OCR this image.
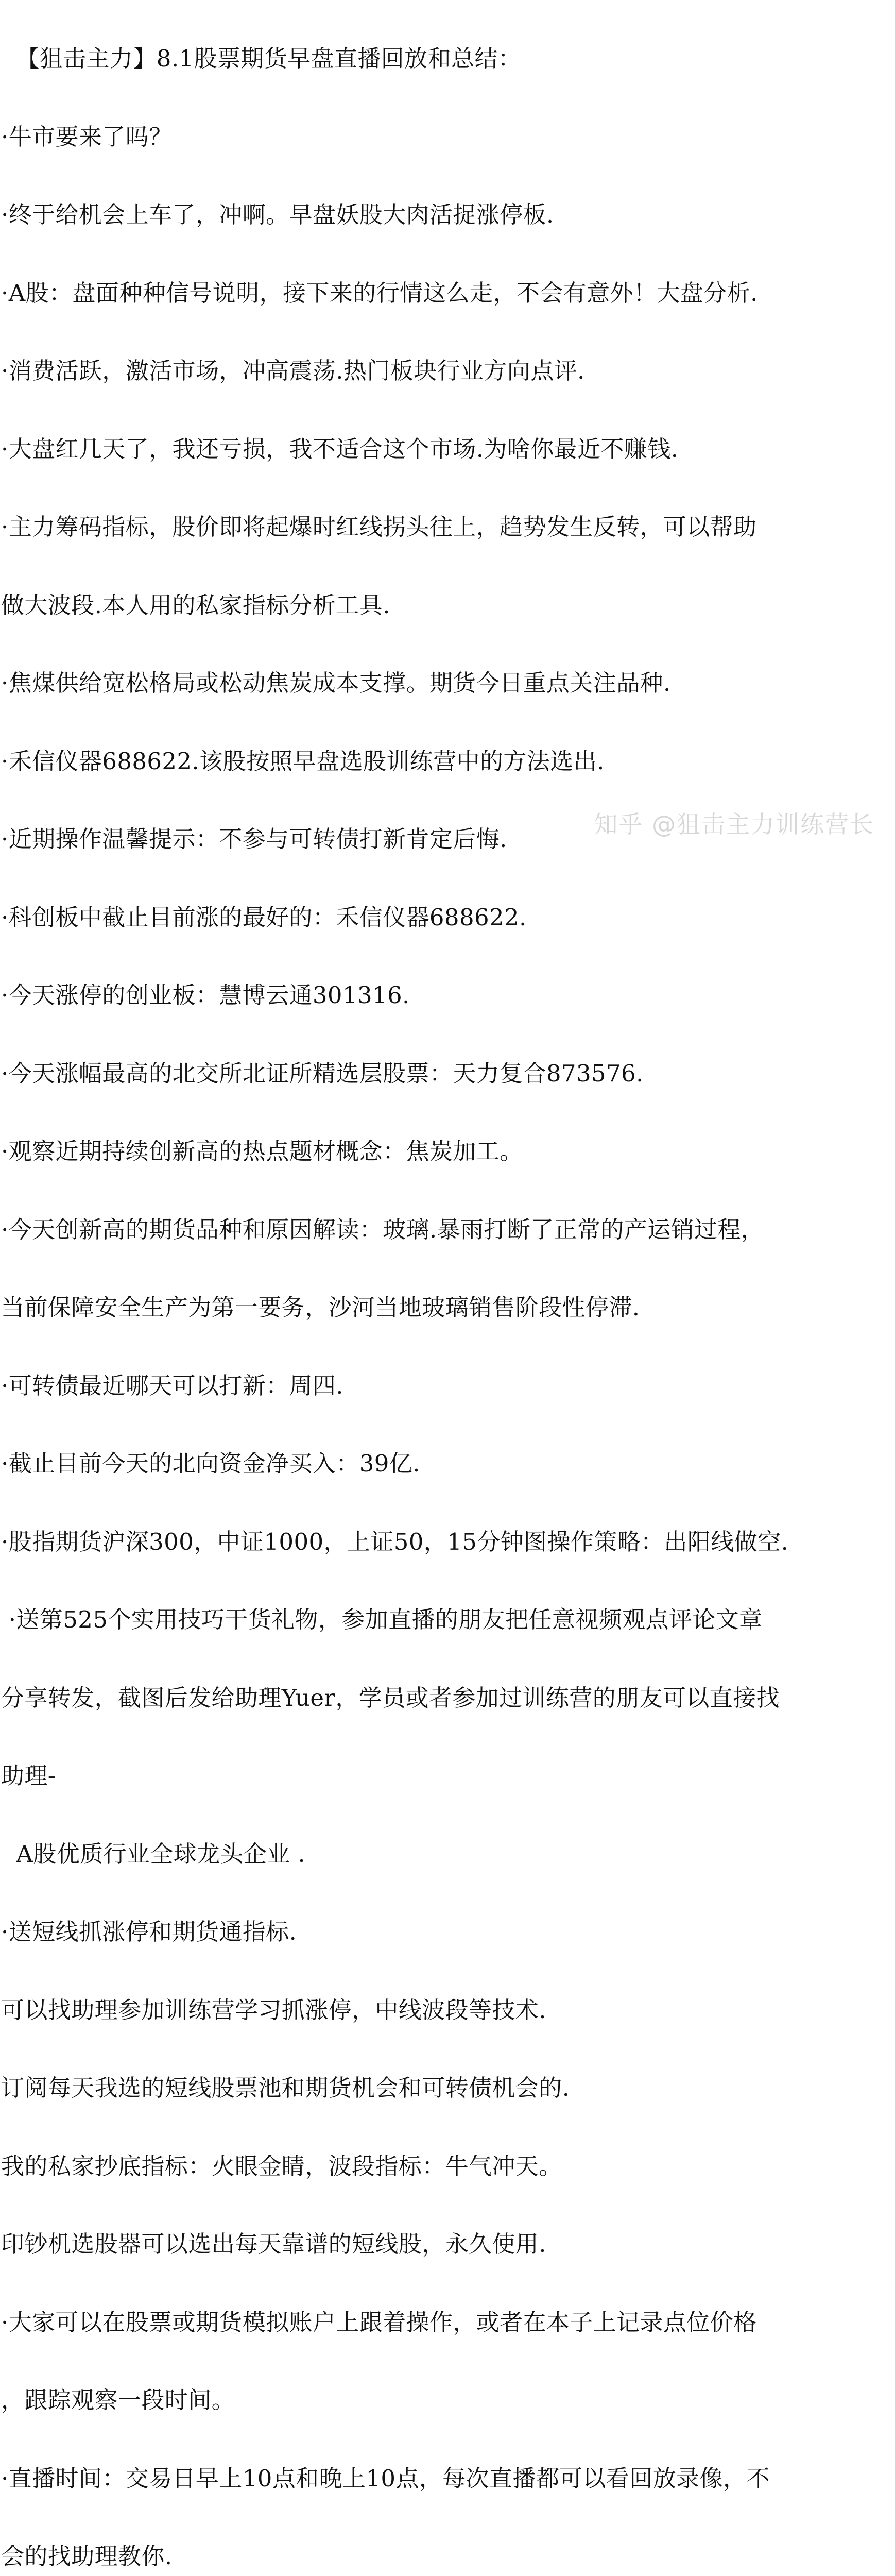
【狙击主力】8.1股票期货早盘直播回放和总结：

·牛市要来了吗？

·终于给机会上车了，冲啊。早盘妖股大肉活捉涨停板.

·A股：盘面种种信号说明，接下来的行情这么走，不会有意外！大盘分析.

·消费活跃，激活市场，冲高震荡.热门板块行业方向点评.

·大盘红几天了，我还亏损，我不适合这个市场.为啥你最近不赚钱.

·主力筹码指标，股价即将起爆时红线拐头往上，趋势发生反转，可以帮助

做大波段.本人用的私家指标分析工具.

·焦煤供给宽松格局或松动焦炭成本支撑。期货今日重点关注品种.

·禾信仪器688622.该股按照早盘选股训练营中的方法选出.

·近期操作温馨提示：不参与可转债打新肯定后悔.

·科创板中截止目前涨的最好的：禾信仪器688622.

·今天涨停的创业板：慧博云通301316.

·今天涨幅最高的北交所北证所精选层股票：天力复合873576.

·观察近期持续创新高的热点题材概念：焦炭加工。

·今天创新高的期货品种和原因解读：玻璃.暴雨打断了正常的产运销过程，

当前保障安全生产为第一要务，沙河当地玻璃销售阶段性停滞.

·可转债最近哪天可以打新：周四.

·截止目前今天的北向资金净买入：39亿.

·股指期货沪深300，中证1000，上证50，15分钟图操作策略：出阳线做空.

·送第525个实用技巧干货礼物，参加直播的朋友把任意视频观点评论文章

分享转发，截图后发给助理Yuer，学员或者参加过训练营的朋友可以直接找

助理-

A股优质行业全球龙头企业 .

·送短线抓涨停和期货通指标.

可以找助理参加训练营学习抓涨停，中线波段等技术.

订阅每天我选的短线股票池和期货机会和可转债机会的.

我的私家抄底指标：火眼金睛，波段指标：牛气冲天。

印钞机选股器可以选出每天靠谱的短线股，永久使用.

·大家可以在股票或期货模拟账户上跟着操作，或者在本子上记录点位价格

，跟踪观察一段时间。

·直播时间：交易日早上10点和晚上10点，每次直播都可以看回放录像，不

会的找助理教你.

知乎 @狙击主力训练营长
